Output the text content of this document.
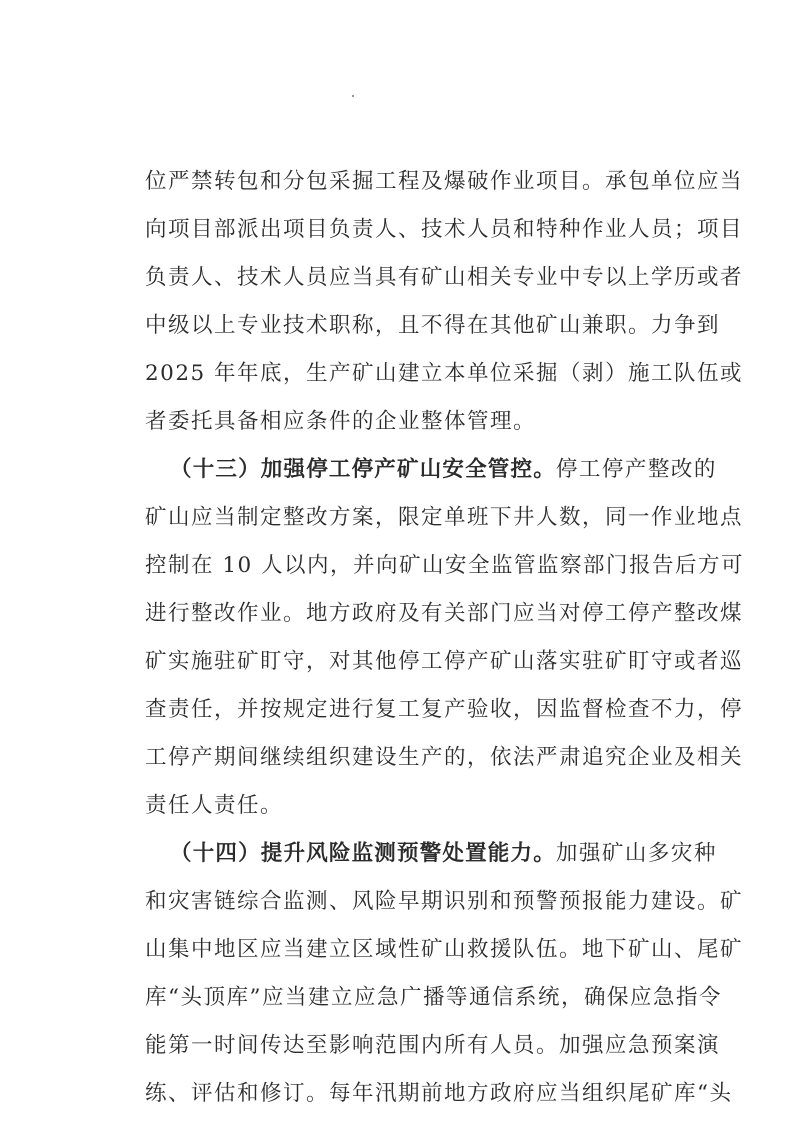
位严禁转包和分包采掘工程及爆破作业项目。承包单位应当
向项目部派出项目负责人、技术人员和特种作业人员；项目
负责人、技术人员应当具有矿山相关专业中专以上学历或者
中级以上专业技术职称，且不得在其他矿山兼职。力争到
2025 年年底，生产矿山建立本单位采掘（剥）施工队伍或
者委托具备相应条件的企业整体管理。
（十三）加强停工停产矿山安全管控。停工停产整改的
矿山应当制定整改方案，限定单班下井人数，同一作业地点
控制在 10 人以内，并向矿山安全监管监察部门报告后方可
进行整改作业。地方政府及有关部门应当对停工停产整改煤
矿实施驻矿盯守，对其他停工停产矿山落实驻矿盯守或者巡
查责任，并按规定进行复工复产验收，因监督检查不力，停
工停产期间继续组织建设生产的，依法严肃追究企业及相关
责任人责任。
（十四）提升风险监测预警处置能力。加强矿山多灾种
和灾害链综合监测、风险早期识别和预警预报能力建设。矿
山集中地区应当建立区域性矿山救援队伍。地下矿山、尾矿
库“头顶库”应当建立应急广播等通信系统，确保应急指令
能第一时间传达至影响范围内所有人员。加强应急预案演
练、评估和修订。每年汛期前地方政府应当组织尾矿库“头
